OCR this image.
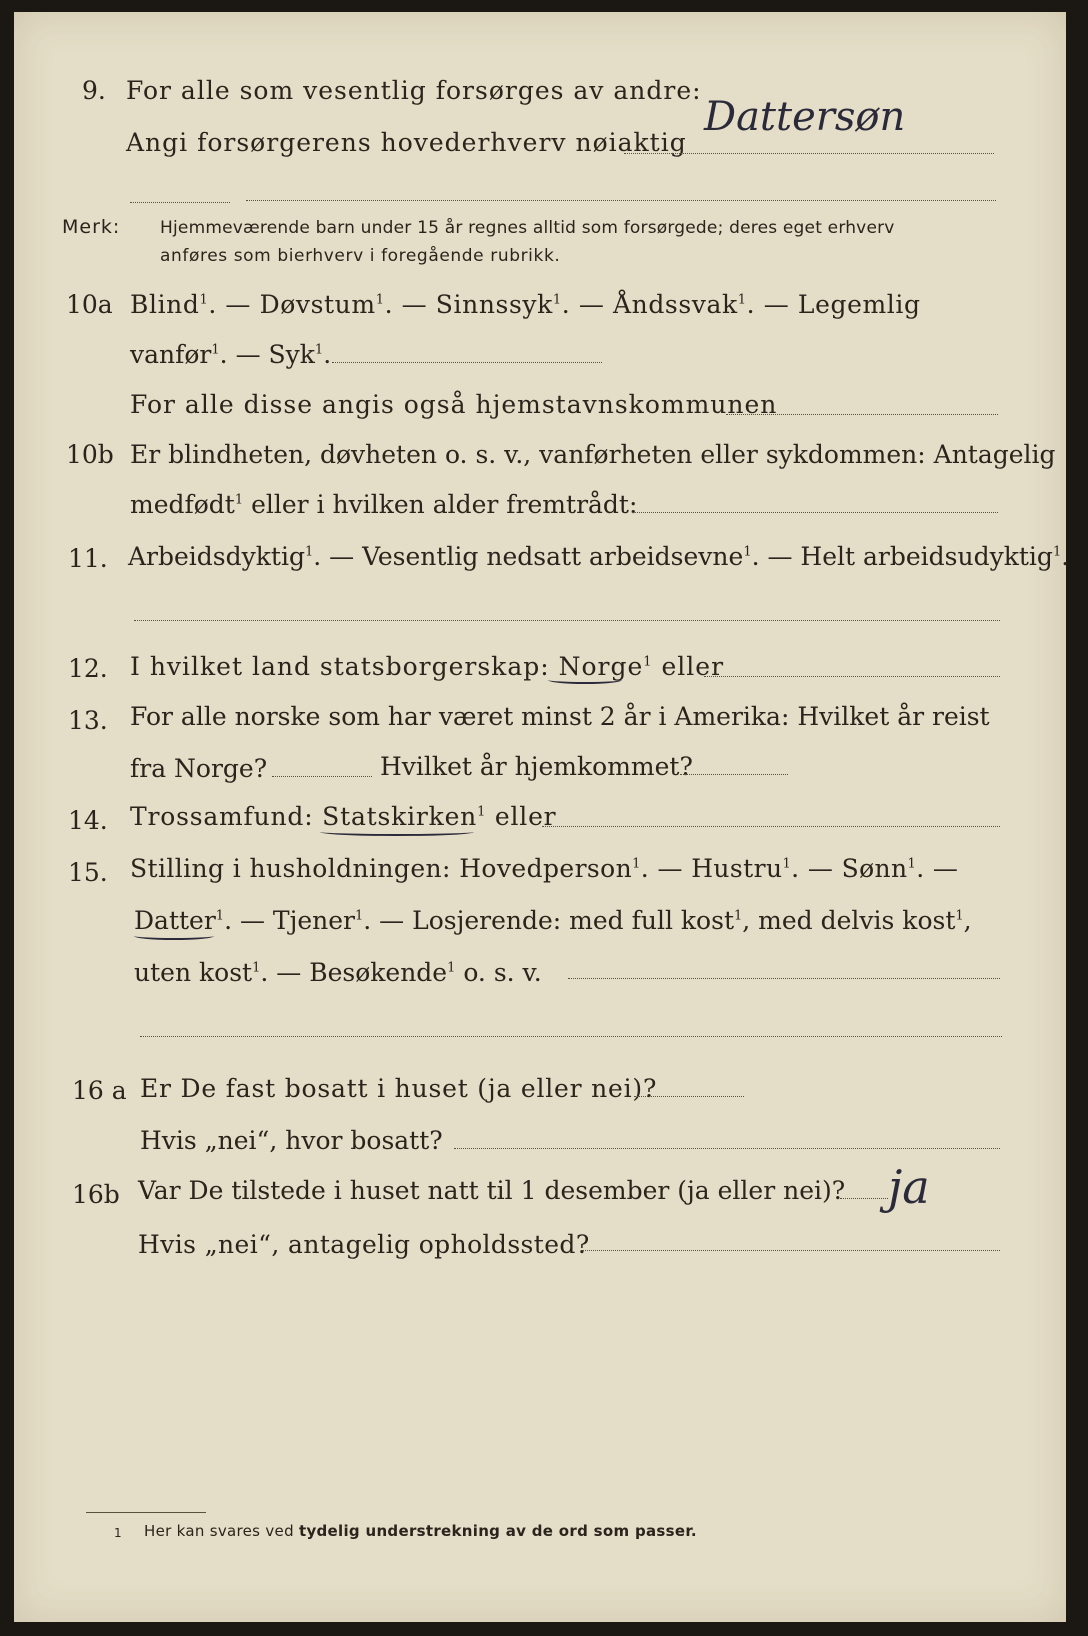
9. For alle som vesentlig forsørges av andre:
Angi forsørgerens hovederhverv nøiaktig
Dattersøn
Merk: Hjemmeværende barn under 15 år regnes alltid som forsørgede; deres eget erhverv
anføres som bierhverv i foregående rubrikk.
10a Blind$^1$. — Døvstum$^1$. — Sinnssyk$^1$. — Åndssvak$^1$. — Legemlig
vanfør$^1$. — Syk$^1$.
For alle disse angis også hjemstavnskommunen
10b Er blindheten, døvheten o. s. v., vanførheten eller sykdommen: Antagelig
medfødt$^1$ eller i hvilken alder fremtrådt:
11. Arbeidsdyktig$^1$. — Vesentlig nedsatt arbeidsevne$^1$. — Helt arbeidsudyktig$^1$.
12. I hvilket land statsborgerskap: Norge$^1$ eller
13. For alle norske som har været minst 2 år i Amerika: Hvilket år reist
fra Norge?	Hvilket år hjemkommet?
14. Trossamfund: Statskirken$^1$ eller
15. Stilling i husholdningen: Hovedperson$^1$. — Hustru$^1$. — Sønn$^1$. —
Datter$^1$. — Tjener$^1$. — Losjerende: med full kost$^1$, med delvis kost$^1$,
uten kost$^1$. — Besøkende$^1$ o. s. v.
16 a Er De fast bosatt i huset (ja eller nei)?
Hvis „nei“, hvor bosatt?
16b Var De tilstede i huset natt til 1 desember (ja eller nei)? ja
Hvis „nei“, antagelig opholdssted?
1 Her kan svares ved tydelig understrekning av de ord som passer.
